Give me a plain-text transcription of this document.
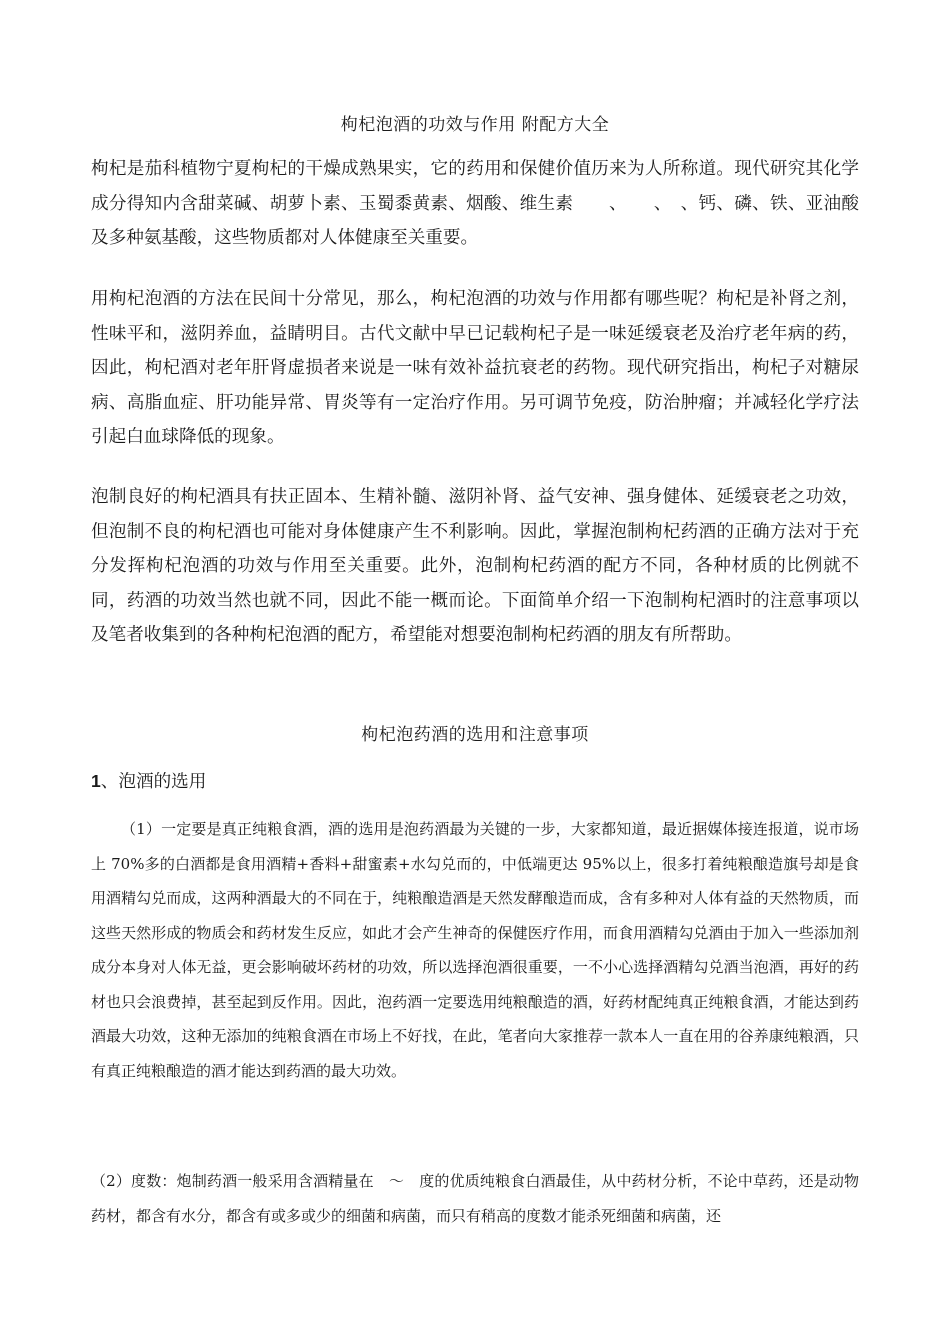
枸杞泡酒的功效与作用 附配方大全
枸杞是茄科植物宁夏枸杞的干燥成熟果实，它的药用和保健价值历来为人所称道。现代研究其化学成分得知内含甜菜碱、胡萝卜素、玉蜀黍黄素、烟酸、维生素　　、　　、　、钙、磷、铁、亚油酸及多种氨基酸，这些物质都对人体健康至关重要。
用枸杞泡酒的方法在民间十分常见，那么，枸杞泡酒的功效与作用都有哪些呢？枸杞是补肾之剂，性味平和，滋阴养血，益睛明目。古代文献中早已记载枸杞子是一味延缓衰老及治疗老年病的药，因此，枸杞酒对老年肝肾虚损者来说是一味有效补益抗衰老的药物。现代研究指出，枸杞子对糖尿病、高脂血症、肝功能异常、胃炎等有一定治疗作用。另可调节免疫，防治肿瘤；并减轻化学疗法引起白血球降低的现象。
泡制良好的枸杞酒具有扶正固本、生精补髓、滋阴补肾、益气安神、强身健体、延缓衰老之功效，但泡制不良的枸杞酒也可能对身体健康产生不利影响。因此，掌握泡制枸杞药酒的正确方法对于充分发挥枸杞泡酒的功效与作用至关重要。此外，泡制枸杞药酒的配方不同，各种材质的比例就不同，药酒的功效当然也就不同，因此不能一概而论。下面简单介绍一下泡制枸杞酒时的注意事项以及笔者收集到的各种枸杞泡酒的配方，希望能对想要泡制枸杞药酒的朋友有所帮助。
枸杞泡药酒的选用和注意事项
1、泡酒的选用
（1）一定要是真正纯粮食酒，酒的选用是泡药酒最为关键的一步，大家都知道，最近据媒体接连报道，说市场上 70%多的白酒都是食用酒精+香料+甜蜜素+水勾兑而的，中低端更达 95%以上，很多打着纯粮酿造旗号却是食用酒精勾兑而成，这两种酒最大的不同在于，纯粮酿造酒是天然发酵酿造而成，含有多种对人体有益的天然物质，而这些天然形成的物质会和药材发生反应，如此才会产生神奇的保健医疗作用，而食用酒精勾兑酒由于加入一些添加剂成分本身对人体无益，更会影响破坏药材的功效，所以选择泡酒很重要，一不小心选择酒精勾兑酒当泡酒，再好的药材也只会浪费掉，甚至起到反作用。因此，泡药酒一定要选用纯粮酿造的酒，好药材配纯真正纯粮食酒，才能达到药酒最大功效，这种无添加的纯粮食酒在市场上不好找，在此，笔者向大家推荐一款本人一直在用的谷养康纯粮酒，只有真正纯粮酿造的酒才能达到药酒的最大功效。
（2）度数：炮制药酒一般采用含酒精量在　～　度的优质纯粮食白酒最佳，从中药材分析，不论中草药，还是动物药材，都含有水分，都含有或多或少的细菌和病菌，而只有稍高的度数才能杀死细菌和病菌，还
